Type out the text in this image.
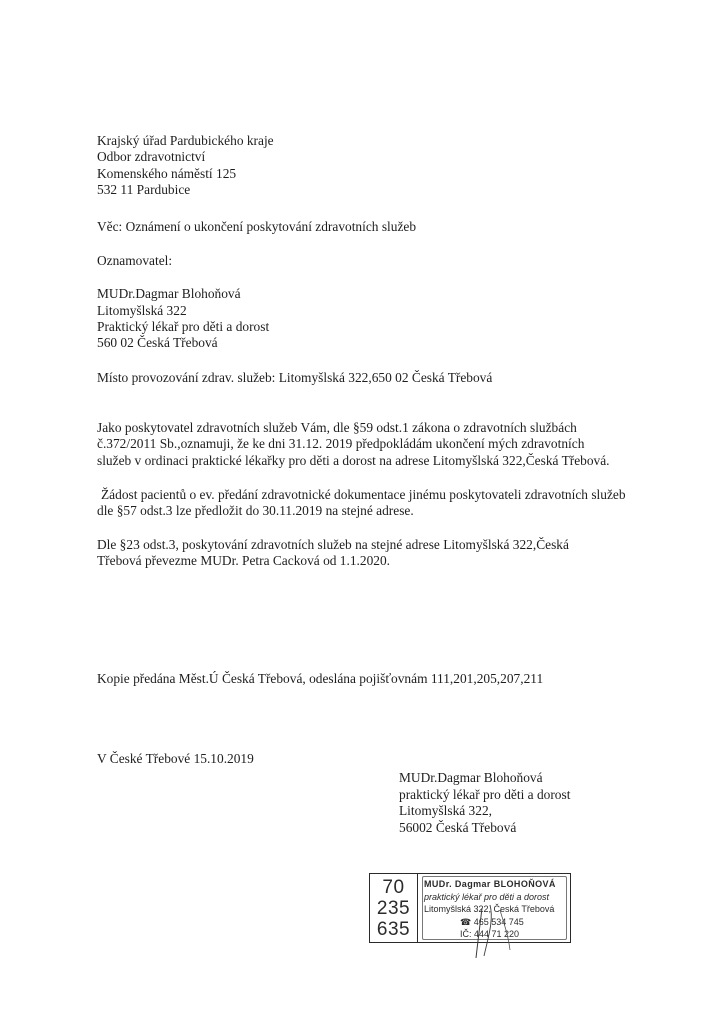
Krajský úřad Pardubického kraje
Odbor zdravotnictví
Komenského náměstí 125
532 11 Pardubice
Věc: Oznámení o ukončení poskytování zdravotních služeb
Oznamovatel:
MUDr.Dagmar Blohoňová
Litomyšlská 322
Praktický lékař pro děti a dorost
560 02 Česká Třebová
Místo provozování zdrav. služeb: Litomyšlská 322,650 02 Česká Třebová
Jako poskytovatel zdravotních služeb Vám, dle §59 odst.1 zákona o zdravotních službách
č.372/2011 Sb.,oznamuji, že ke dni 31.12. 2019 předpokládám ukončení mých zdravotních
služeb v ordinaci praktické lékařky pro děti a dorost na adrese Litomyšlská 322,Česká Třebová.
Žádost pacientů o ev. předání zdravotnické dokumentace jinému poskytovateli zdravotních služeb
dle §57 odst.3 lze předložit do 30.11.2019 na stejné adrese.
Dle §23 odst.3, poskytování zdravotních služeb na stejné adrese Litomyšlská 322,Česká
Třebová převezme MUDr. Petra Cacková od 1.1.2020.
Kopie předána Měst.Ú Česká Třebová, odeslána pojišťovnám 111,201,205,207,211
V České Třebové 15.10.2019
MUDr.Dagmar Blohoňová
praktický lékař pro děti a dorost
Litomyšlská 322,
56002 Česká Třebová
70
235
635
MUDr. Dagmar BLOHOŇOVÁ
praktický lékař pro děti a dorost
Litomyšlská 322, Česká Třebová
☎ 465 534 745
IČ: 444 71 220
